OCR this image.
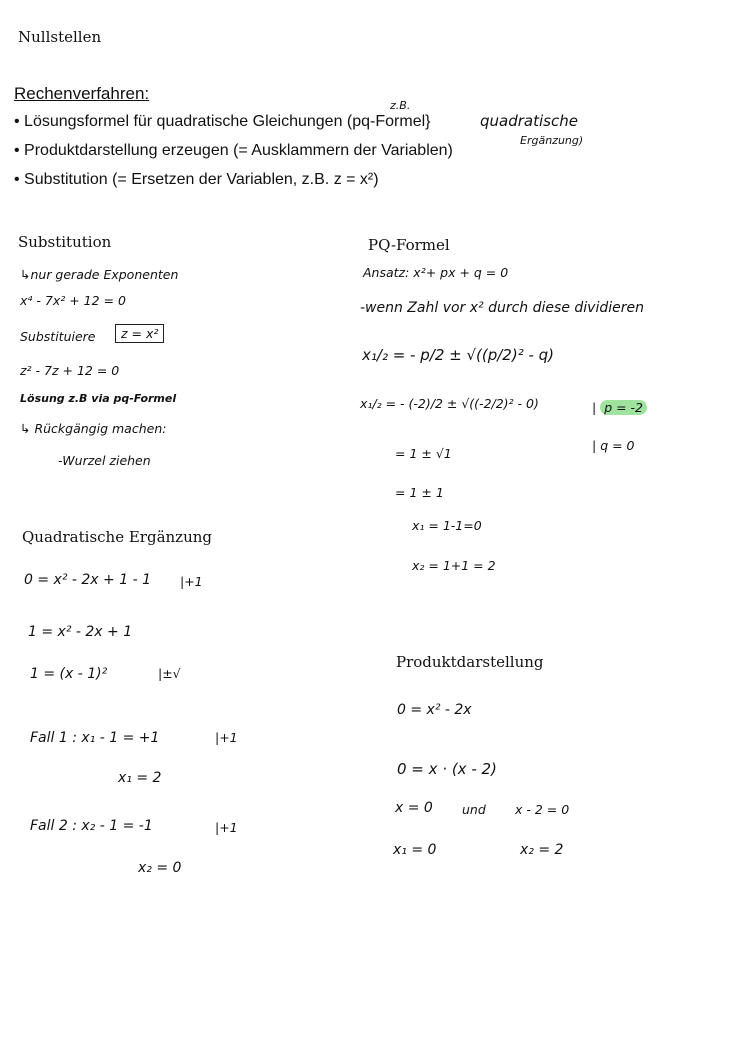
Nullstellen
Rechenverfahren:
• Lösungsformel für quadratische Gleichungen (pq-Formel}
• Produktdarstellung erzeugen (= Ausklammern der Variablen)
• Substitution (= Ersetzen der Variablen, z.B. z = x²)
z.B.
quadratische
Ergänzung)
Substitution
↳nur gerade Exponenten
x⁴ - 7x² + 12 = 0
Substituiere	z = x²
z² - 7z + 12 = 0
Lösung z.B via pq-Formel
↳ Rückgängig machen:
-Wurzel ziehen
PQ-Formel
Ansatz: x²+ px + q = 0
-wenn Zahl vor x² durch diese dividieren
x₁/₂ = - p/2 ± √((p/2)² - q)
x₁/₂ = - (-2)/2 ± √((-2/2)² - 0)	| p = -2
| q = 0
= 1 ± √1
= 1 ± 1
x₁ = 1-1=0
x₂ = 1+1 = 2
Quadratische Ergänzung
0 = x² - 2x + 1 - 1 |+1
1 = x² - 2x + 1
1 = (x - 1)²	|±√
Fall 1 : x₁ - 1 = +1	|+1
x₁ = 2
Fall 2 : x₂ - 1 = -1	|+1
x₂ = 0
Produktdarstellung
0 = x² - 2x
0 = x · (x - 2)
x = 0 und x - 2 = 0
x₁ = 0	x₂ = 2
